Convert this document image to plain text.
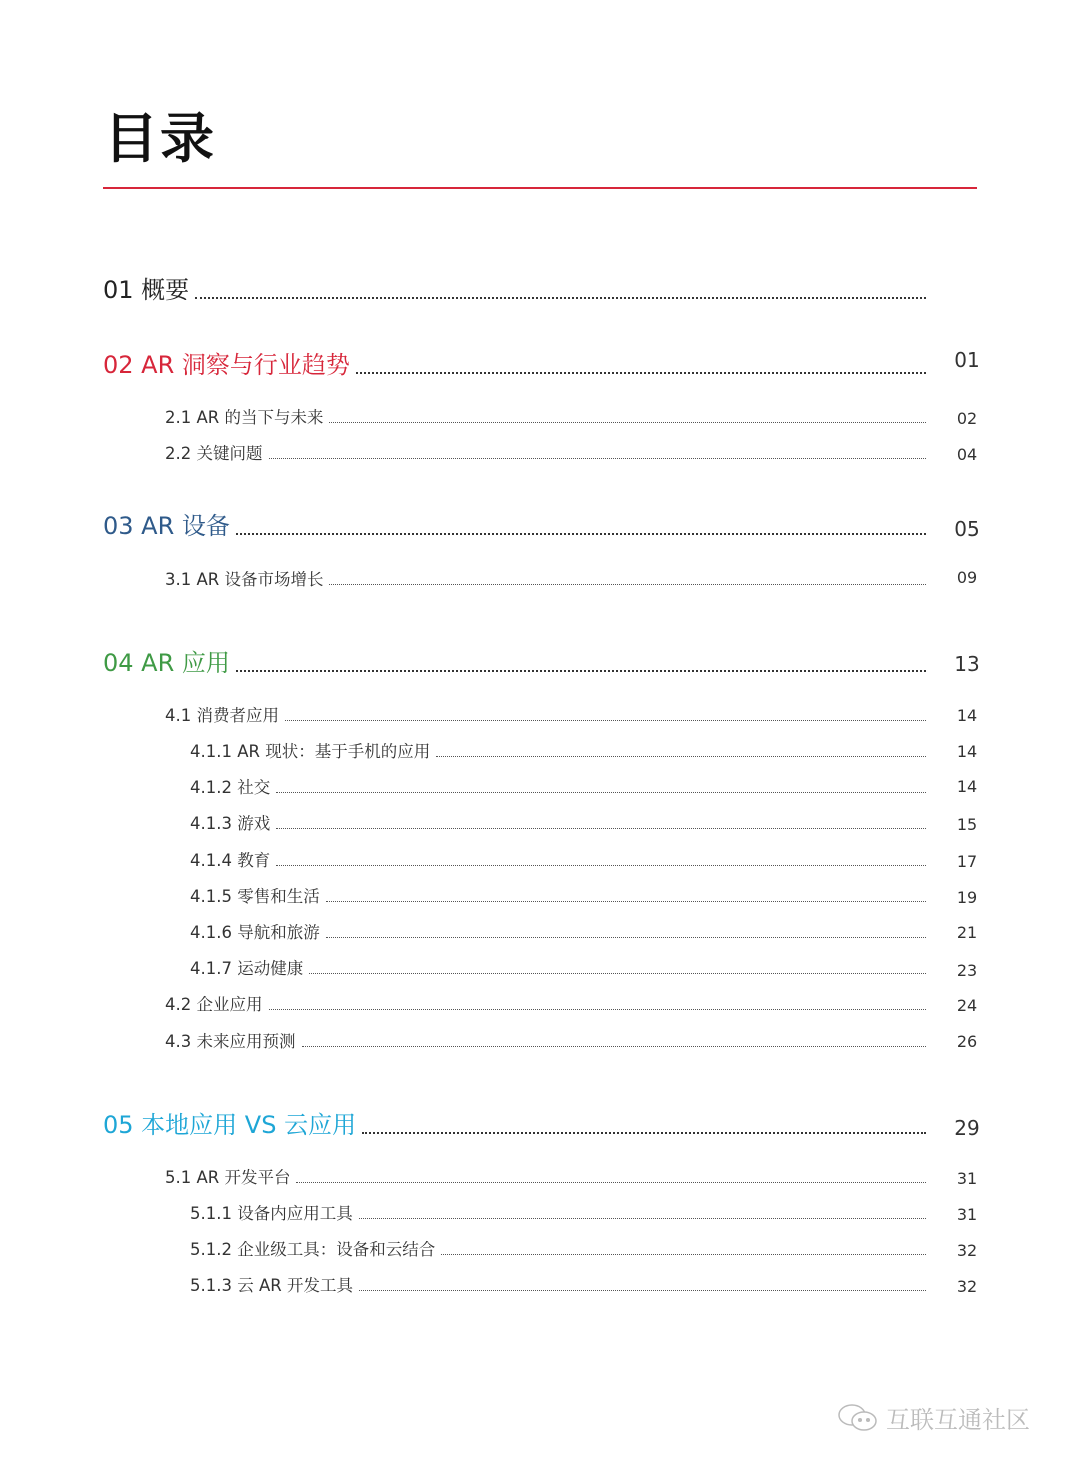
目录
01 概要
02 AR 洞察与行业趋势	01
2.1 AR 的当下与未来	02
2.2 关键问题	04
03 AR 设备	05
3.1 AR 设备市场增长	09
04 AR 应用	13
4.1 消费者应用	14
4.1.1 AR 现状：基于手机的应用	14
4.1.2 社交	14
4.1.3 游戏	15
4.1.4 教育	17
4.1.5 零售和生活	19
4.1.6 导航和旅游	21
4.1.7 运动健康	23
4.2 企业应用	24
4.3 未来应用预测	26
05 本地应用 VS 云应用	29
5.1 AR 开发平台	31
5.1.1 设备内应用工具	31
5.1.2 企业级工具：设备和云结合	32
5.1.3 云 AR 开发工具	32
互联互通社区
